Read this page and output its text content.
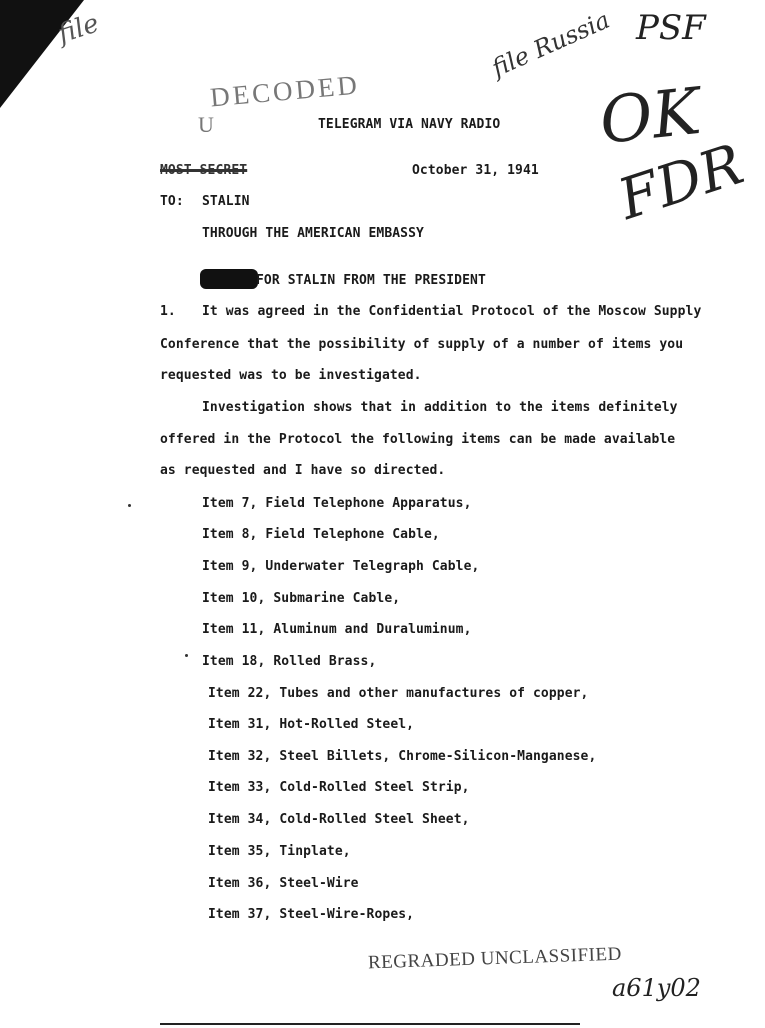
file	file Russia PSF
OK
FDR
DECODED
U	TELEGRAM VIA NAVY RADIO
MOST SECRET	October 31, 1941
TO: STALIN
THROUGH THE AMERICAN EMBASSY
FOR STALIN FROM THE PRESIDENT
1. It was agreed in the Confidential Protocol of the Moscow Supply
Conference that the possibility of supply of a number of items you
requested was to be investigated.
Investigation shows that in addition to the items definitely
offered in the Protocol the following items can be made available
as requested and I have so directed.
Item 7, Field Telephone Apparatus,
Item 8, Field Telephone Cable,
Item 9, Underwater Telegraph Cable,
Item 10, Submarine Cable,
Item 11, Aluminum and Duraluminum,
Item 18, Rolled Brass,
Item 22, Tubes and other manufactures of copper,
Item 31, Hot-Rolled Steel,
Item 32, Steel Billets, Chrome-Silicon-Manganese,
Item 33, Cold-Rolled Steel Strip,
Item 34, Cold-Rolled Steel Sheet,
Item 35, Tinplate,
Item 36, Steel-Wire
Item 37, Steel-Wire-Ropes,
REGRADED UNCLASSIFIED
a61y02
